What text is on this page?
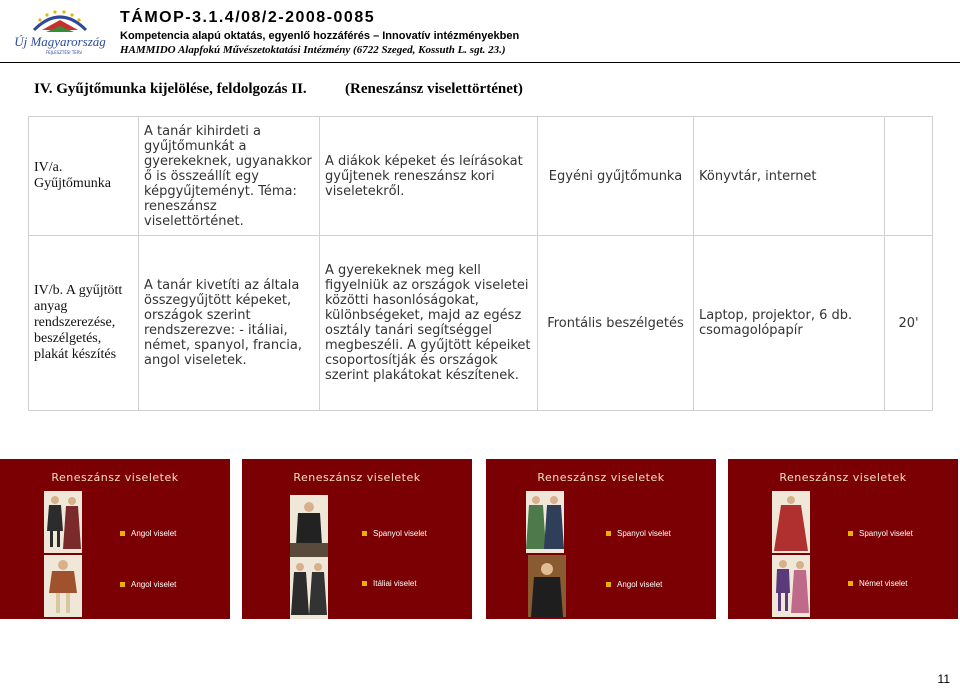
Új Magyarország
FEJLESZTÉSI TERV
TÁMOP-3.1.4/08/2-2008-0085
Kompetencia alapú oktatás, egyenlő hozzáférés – Innovatív intézményekben
HAMMIDO Alapfokú Művészetoktatási Intézmény (6722 Szeged, Kossuth L. sgt. 23.)
IV. Gyűjtőmunka kijelölése, feldolgozás II.	(Reneszánsz viselettörténet)
IV/a. Gyűjtőmunka	A tanár kihirdeti a gyűjtőmunkát a gyerekeknek, ugyanakkor ő is összeállít egy képgyűjteményt. Téma: reneszánsz viselettörténet.	A diákok képeket és leírásokat gyűjtenek reneszánsz kori viseletekről.	Egyéni gyűjtőmunka	Könyvtár, internet	
IV/b. A gyűjtött anyag rendszerezése, beszélgetés, plakát készítés	A tanár kivetíti az általa összegyűjtött képeket, országok szerint rendszerezve: - itáliai, német, spanyol, francia, angol viseletek.	A gyerekeknek meg kell figyelniük az országok viseletei közötti hasonlóságokat, különbségeket, majd az egész osztály tanári segítséggel megbeszéli. A gyűjtött képeiket csoportosítják és országok szerint plakátokat készítenek.	Frontális beszélgetés	Laptop, projektor, 6 db. csomagolópapír	20'
Reneszánsz viseletek
Angol viselet
Angol viselet
Reneszánsz viseletek
Spanyol viselet
Itáliai viselet
Reneszánsz viseletek
Spanyol viselet
Angol viselet
Reneszánsz viseletek
Spanyol viselet
Német viselet
11
